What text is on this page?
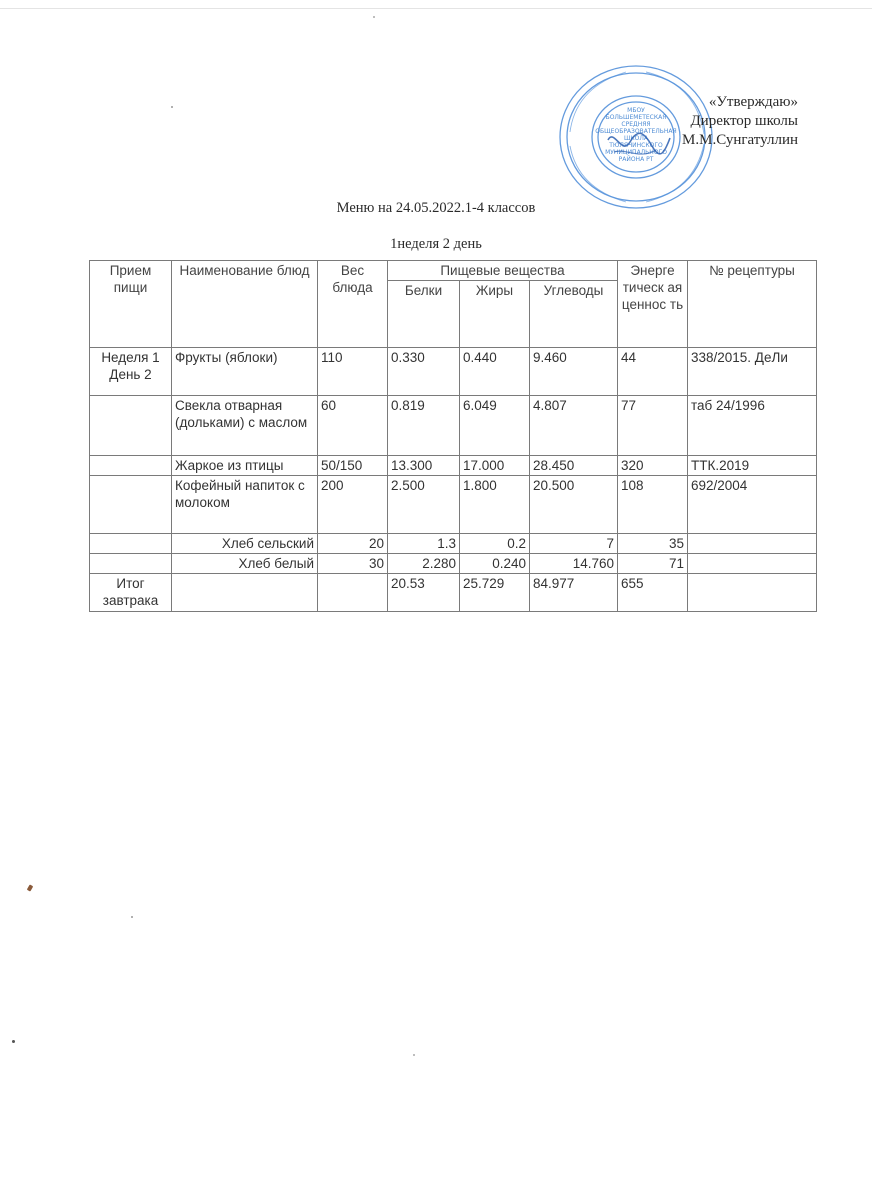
МБОУ
БОЛЬШЕМЕТЕСКАЯ
СРЕДНЯЯ
ОБЩЕОБРАЗОВАТЕЛЬНАЯ
ШКОЛА
ТЮЛЯЧИНСКОГО
МУНИЦИПАЛЬНОГО
РАЙОНА РТ
«Утверждаю»
Директор школы
М.М.Сунгатуллин
Меню на 24.05.2022.1-4 классов
1неделя 2 день
Прием пищи	Наименование блюд	Вес блюда	Пищевые вещества			Энерге тическ ая ценнос ть	№ рецептуры
			Белки	Жиры	Углеводы		
Неделя 1 День 2	Фрукты (яблоки)	110	0.330	0.440	9.460	44	338/2015. ДеЛи
	Свекла отварная (дольками) с маслом	60	0.819	6.049	4.807	77	таб 24/1996
	Жаркое из птицы	50/150	13.300	17.000	28.450	320	ТТК.2019
	Кофейный напиток с молоком	200	2.500	1.800	20.500	108	692/2004
	Хлеб сельский	20	1.3	0.2	7	35	
	Хлеб белый	30	2.280	0.240	14.760	71	
Итог завтрака			20.53	25.729	84.977	655	
